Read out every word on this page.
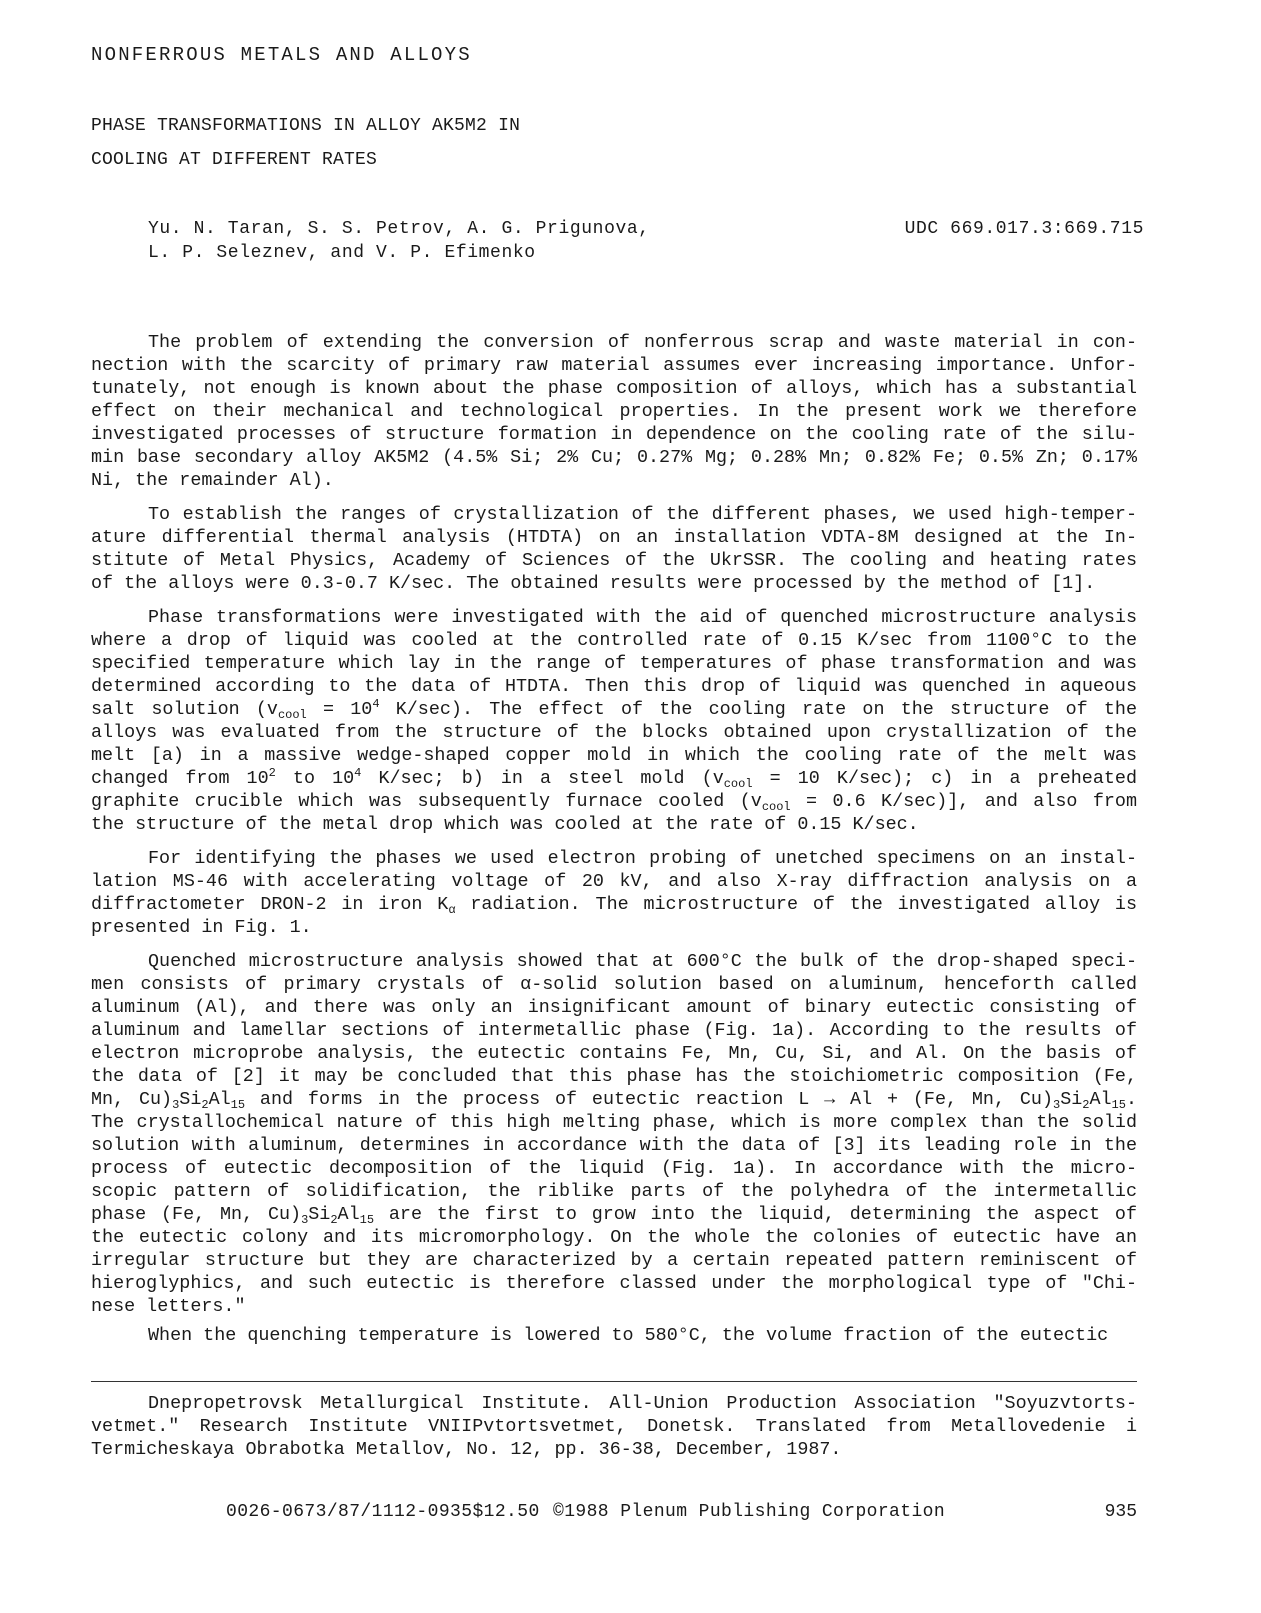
NONFERROUS METALS AND ALLOYS
PHASE TRANSFORMATIONS IN ALLOY AK5M2 IN
COOLING AT DIFFERENT RATES
Yu. N. Taran, S. S. Petrov, A. G. Prigunova,
L. P. Seleznev, and V. P. Efimenko
UDC 669.017.3:669.715
The problem of extending the conversion of nonferrous scrap and waste material in con-
nection with the scarcity of primary raw material assumes ever increasing importance. Unfor-
tunately, not enough is known about the phase composition of alloys, which has a substantial
effect on their mechanical and technological properties. In the present work we therefore
investigated processes of structure formation in dependence on the cooling rate of the silu-
min base secondary alloy AK5M2 (4.5% Si; 2% Cu; 0.27% Mg; 0.28% Mn; 0.82% Fe; 0.5% Zn; 0.17%
Ni, the remainder Al).
To establish the ranges of crystallization of the different phases, we used high-temper-
ature differential thermal analysis (HTDTA) on an installation VDTA-8M designed at the In-
stitute of Metal Physics, Academy of Sciences of the UkrSSR. The cooling and heating rates
of the alloys were 0.3-0.7 K/sec. The obtained results were processed by the method of [1].
Phase transformations were investigated with the aid of quenched microstructure analysis
where a drop of liquid was cooled at the controlled rate of 0.15 K/sec from 1100°C to the
specified temperature which lay in the range of temperatures of phase transformation and was
determined according to the data of HTDTA. Then this drop of liquid was quenched in aqueous
salt solution ($v_{cool} = 10^4$ K/sec). The effect of the cooling rate on the structure of the
alloys was evaluated from the structure of the blocks obtained upon crystallization of the
melt [a) in a massive wedge-shaped copper mold in which the cooling rate of the melt was
changed from $10^2$ to $10^4$ K/sec; b) in a steel mold ($v_{cool} = 10$ K/sec); c) in a preheated
graphite crucible which was subsequently furnace cooled ($v_{cool} = 0.6$ K/sec)], and also from
the structure of the metal drop which was cooled at the rate of 0.15 K/sec.
For identifying the phases we used electron probing of unetched specimens on an instal-
lation MS-46 with accelerating voltage of 20 kV, and also X-ray diffraction analysis on a
diffractometer DRON-2 in iron $K_\alpha$ radiation. The microstructure of the investigated alloy is
presented in Fig. 1.
Quenched microstructure analysis showed that at 600°C the bulk of the drop-shaped speci-
men consists of primary crystals of α-solid solution based on aluminum, henceforth called
aluminum (Al), and there was only an insignificant amount of binary eutectic consisting of
aluminum and lamellar sections of intermetallic phase (Fig. 1a). According to the results of
electron microprobe analysis, the eutectic contains Fe, Mn, Cu, Si, and Al. On the basis of
the data of [2] it may be concluded that this phase has the stoichiometric composition (Fe,
Mn, $Cu)_3Si_2Al_{15}$ and forms in the process of eutectic reaction L → Al + (Fe, Mn, $Cu)_3Si_2Al_{15}$.
The crystallochemical nature of this high melting phase, which is more complex than the solid
solution with aluminum, determines in accordance with the data of [3] its leading role in the
process of eutectic decomposition of the liquid (Fig. 1a). In accordance with the micro-
scopic pattern of solidification, the riblike parts of the polyhedra of the intermetallic
phase (Fe, Mn, $Cu)_3Si_2Al_{15}$ are the first to grow into the liquid, determining the aspect of
the eutectic colony and its micromorphology. On the whole the colonies of eutectic have an
irregular structure but they are characterized by a certain repeated pattern reminiscent of
hieroglyphics, and such eutectic is therefore classed under the morphological type of "Chi-
nese letters."
When the quenching temperature is lowered to 580°C, the volume fraction of the eutectic
Dnepropetrovsk Metallurgical Institute. All-Union Production Association "Soyuzvtorts-
vetmet." Research Institute VNIIPvtortsvetmet, Donetsk. Translated from Metallovedenie i
Termicheskaya Obrabotka Metallov, No. 12, pp. 36-38, December, 1987.
0026-0673/87/1112-0935$12.50 ©1988 Plenum Publishing Corporation	935
